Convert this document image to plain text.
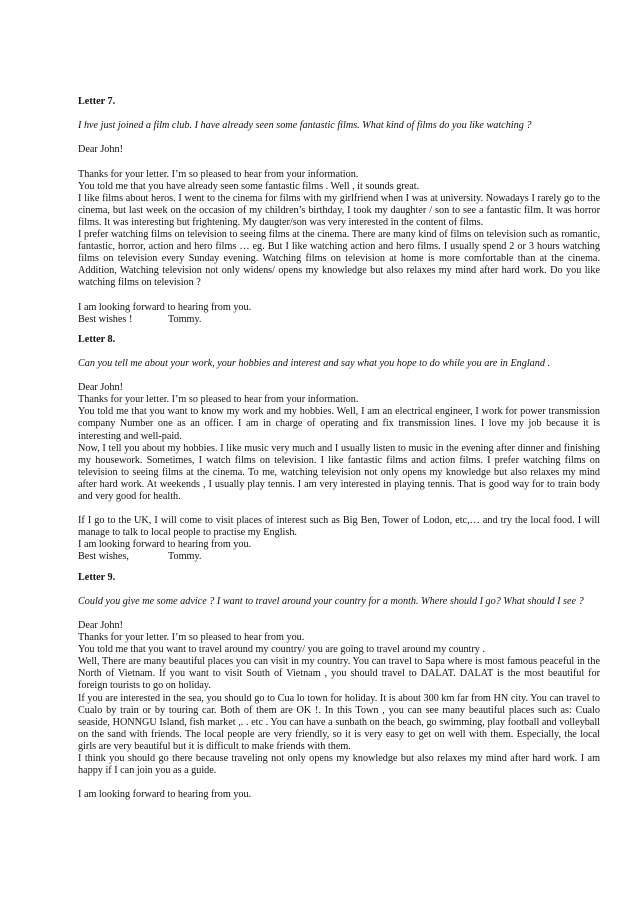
Letter 7.

I hve just joined a film club. I have already seen some fantastic films. What kind of films do you like watching ?

Dear John!

Thanks for your letter. I’m so pleased to hear from your information.

You told me that you have already seen some fantastic films . Well , it sounds great.

I like films about heros. I went to the cinema for films with my girlfriend when I was at university. Nowadays I rarely go to the cinema, but last week on the occasion of my children’s birthday, I took my daughter / son to see a fantastic film. It was horror films. It was interesting but frightening. My daugter/son was very interested in the content of films.

I prefer watching films on television to seeing films at the cinema. There are many kind of films on television such as romantic, fantastic, horror, action and hero films … eg. But I like watching action and hero films. I usually spend 2 or 3 hours watching films on television every Sunday evening. Watching films on television at home is more comfortable than at the cinema. Addition, Watching television not only widens/ opens my knowledge but also relaxes my mind after hard work. Do you like watching films on television ?

I am looking forward to hearing from you.

Best wishes !	Tommy.

Letter 8.

Can you tell me about your work, your hobbies and interest and say what you hope to do while you are in England .

Dear John!

Thanks for your letter. I’m so pleased to hear from your information.

You told me that you want to know my work and my hobbies. Well, I am an electrical engineer, I work for power transmission company Number one as an officer. I am in charge of operating and fix transmission lines. I love my job because it is interesting and well-paid.

Now, I tell you about my hobbies. I like music very much and I usually listen to music in the evening after dinner and finishing my housework. Sometimes, I watch films on television. I like fantastic films and action films. I prefer watching films on television to seeing films at the cinema. To me, watching television not only opens my knowledge but also relaxes my mind after hard work. At weekends , I usually play tennis. I am very interested in playing tennis. That is good way for to train body and very good for health.

If I go to the UK, I will come to visit places of interest such as Big Ben, Tower of Lodon, etc,… and try the local food. I will manage to talk to local people to practise my English.

I am looking forward to hearing from you.

Best wishes,	Tommy.

Letter 9.

Could you give me some advice ? I want to travel around your country for a month. Where should I go? What should I see ?

Dear John!

Thanks for your letter. I’m so pleased to hear from you.

You told me that you want to travel around my country/ you are going to travel around my country .

Well, There are many beautiful places you can visit in my country. You can travel to Sapa where is most famous peaceful in the North of Vietnam. If you want to visit South of Vietnam , you should travel to DALAT. DALAT is the most beautiful for foreign tourists to go on holiday.

If you are interested in the sea, you should go to Cua lo town for holiday. It is about 300 km far from HN city. You can travel to Cualo by train or by touring car. Both of them are OK !. In this Town , you can see many beautiful places such as: Cualo seaside, HONNGU Island, fish market ,. . etc . You can have a sunbath on the beach, go swimming, play football and volleyball on the sand with friends. The local people are very friendly, so it is very easy to get on well with them. Especially, the local girls are very beautiful but it is difficult to make friends with them.

I think you should go there because traveling not only opens my knowledge but also relaxes my mind after hard work. I am happy if I can join you as a guide.

I am looking forward to hearing from you.
